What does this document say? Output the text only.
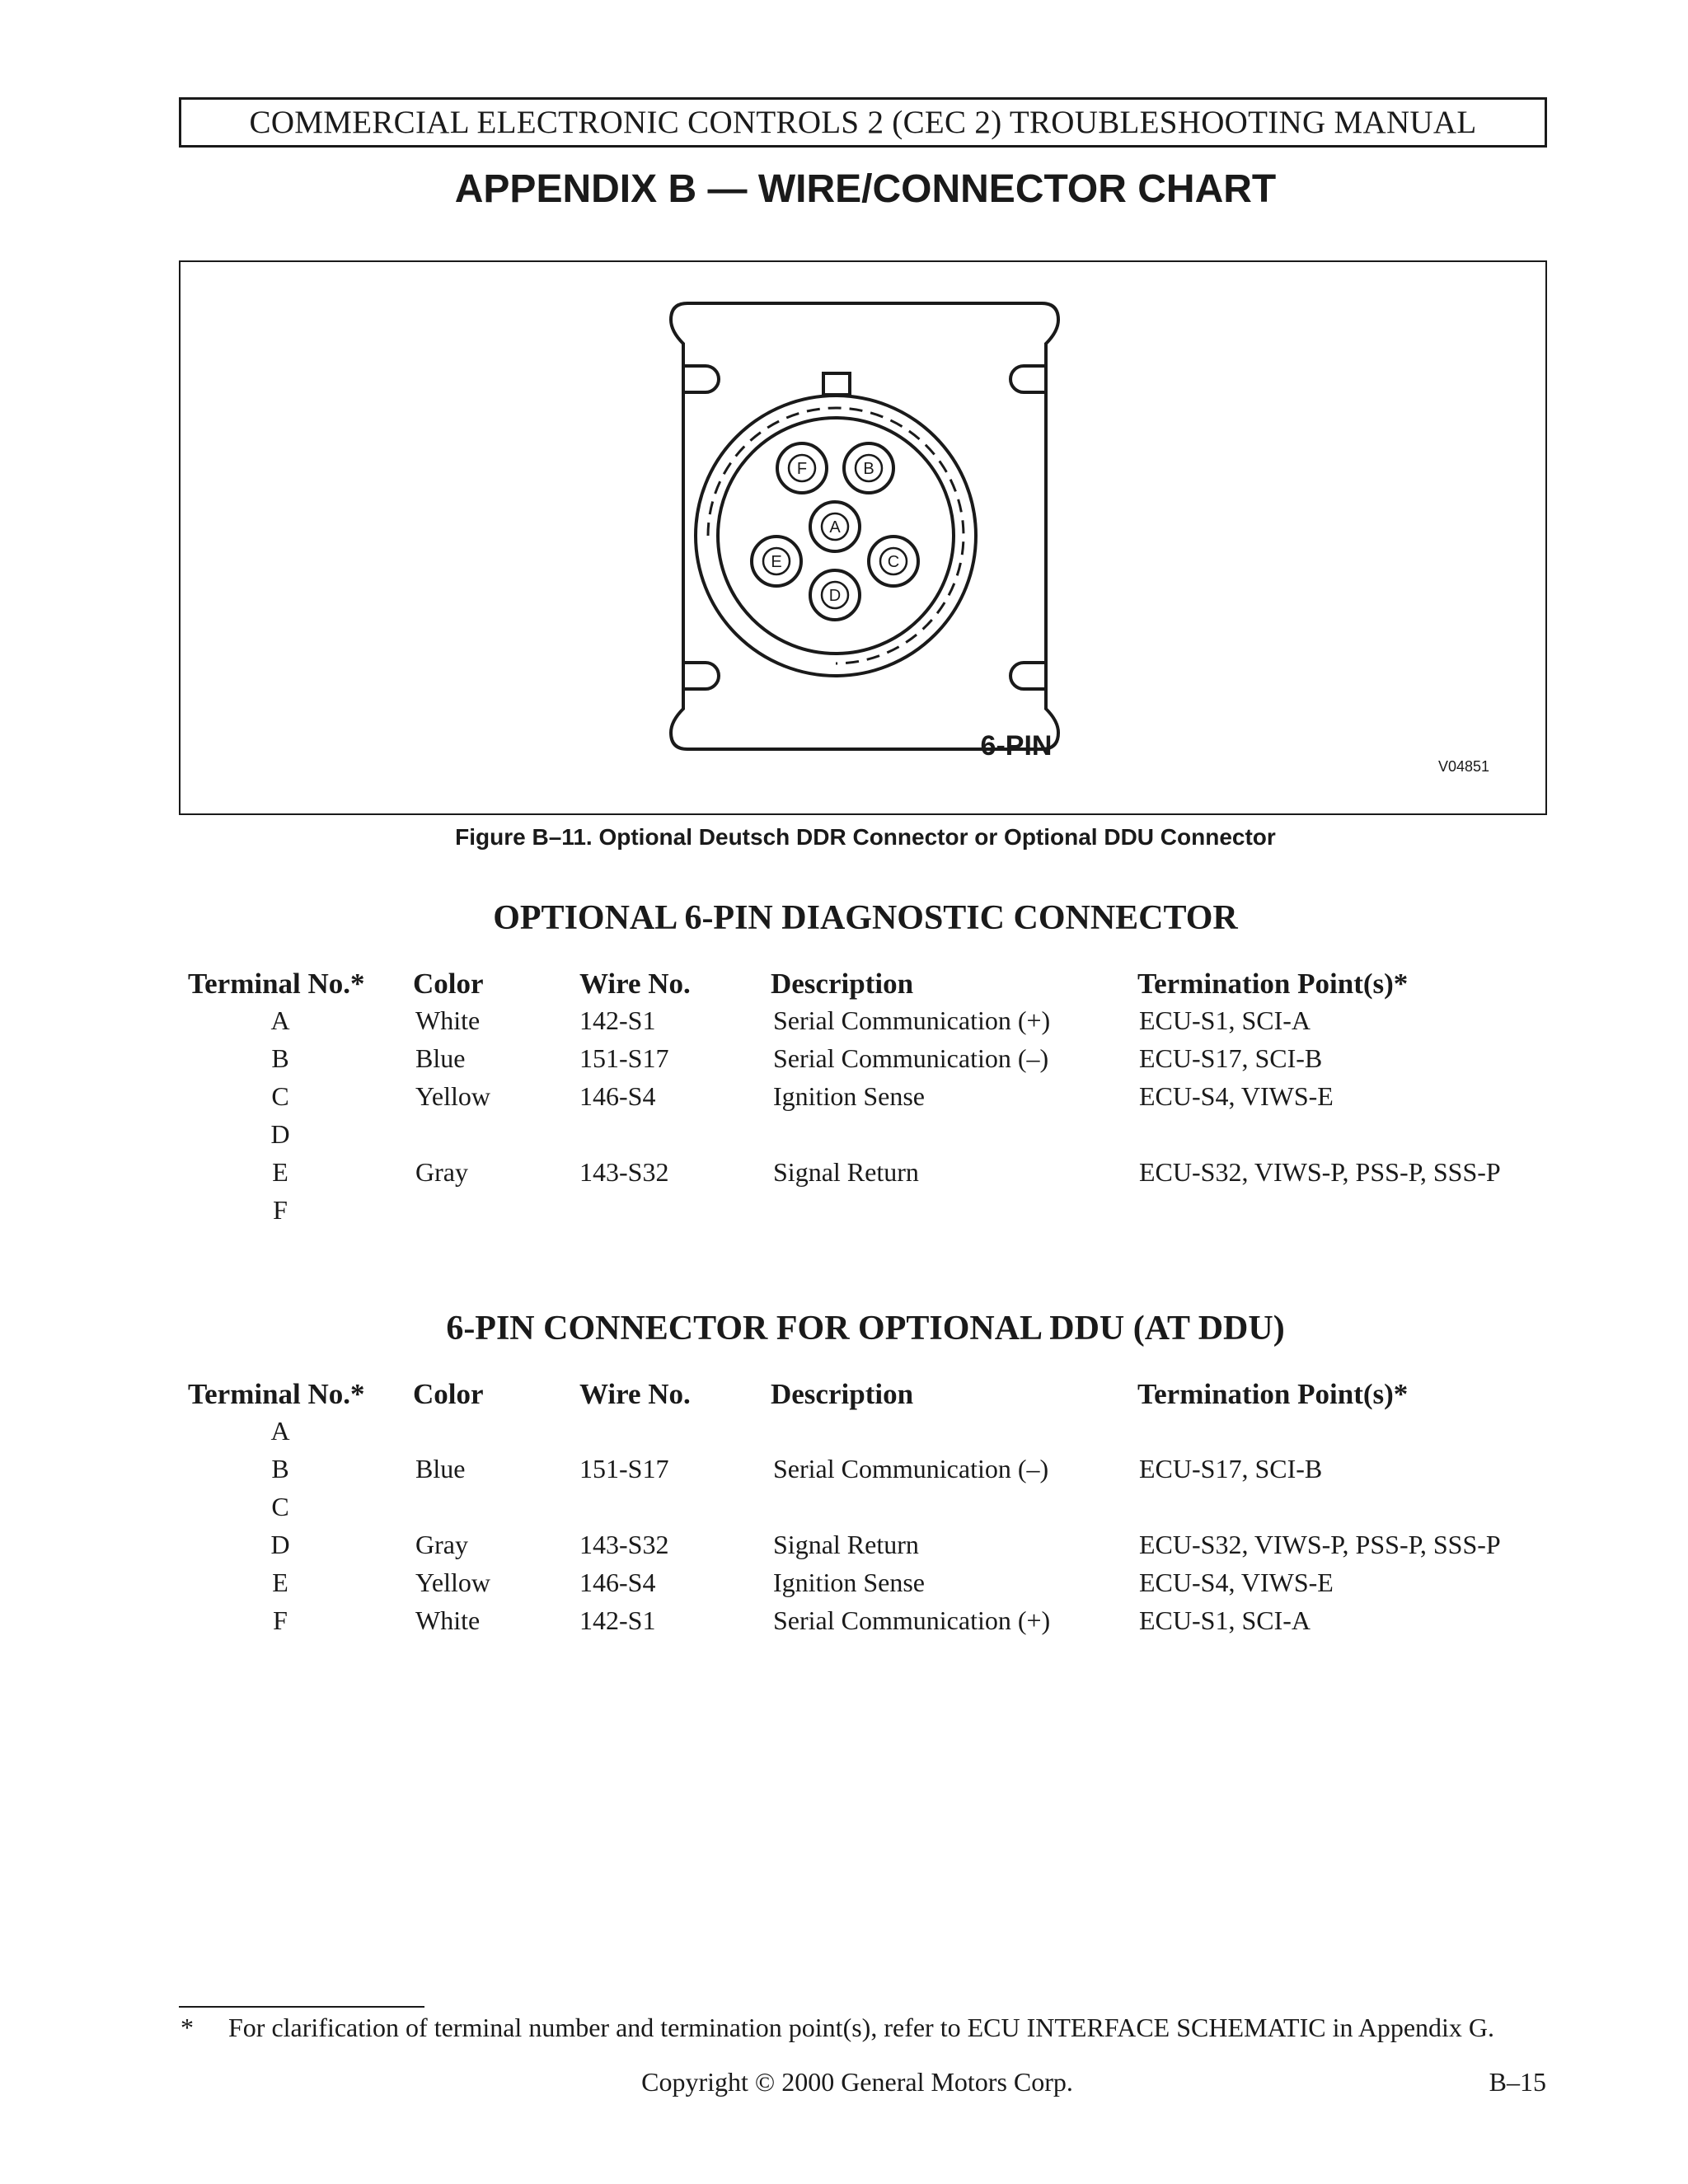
COMMERCIAL ELECTRONIC CONTROLS 2 (CEC 2) TROUBLESHOOTING MANUAL
APPENDIX B — WIRE/CONNECTOR CHART
F	B
A
E	C
D
6-PIN
V04851
Figure B–11. Optional Deutsch DDR Connector or Optional DDU Connector
OPTIONAL 6-PIN DIAGNOSTIC CONNECTOR
Terminal No.* Color	Wire No.	Description	Termination Point(s)*
A	White	142-S1	Serial Communication (+)	ECU-S1, SCI-A
B	Blue	151-S17	Serial Communication (–)	ECU-S17, SCI-B
C	Yellow	146-S4	Ignition Sense	ECU-S4, VIWS-E
D
E	Gray	143-S32	Signal Return	ECU-S32, VIWS-P, PSS-P, SSS-P
F
6-PIN CONNECTOR FOR OPTIONAL DDU (AT DDU)
Terminal No.* Color	Wire No.	Description	Termination Point(s)*
A
B	Blue	151-S17	Serial Communication (–)	ECU-S17, SCI-B
C
D	Gray	143-S32	Signal Return	ECU-S32, VIWS-P, PSS-P, SSS-P
E	Yellow	146-S4	Ignition Sense	ECU-S4, VIWS-E
F	White	142-S1	Serial Communication (+)	ECU-S1, SCI-A
* For clarification of terminal number and termination point(s), refer to ECU INTERFACE SCHEMATIC in Appendix G.
Copyright © 2000 General Motors Corp.	B–15
